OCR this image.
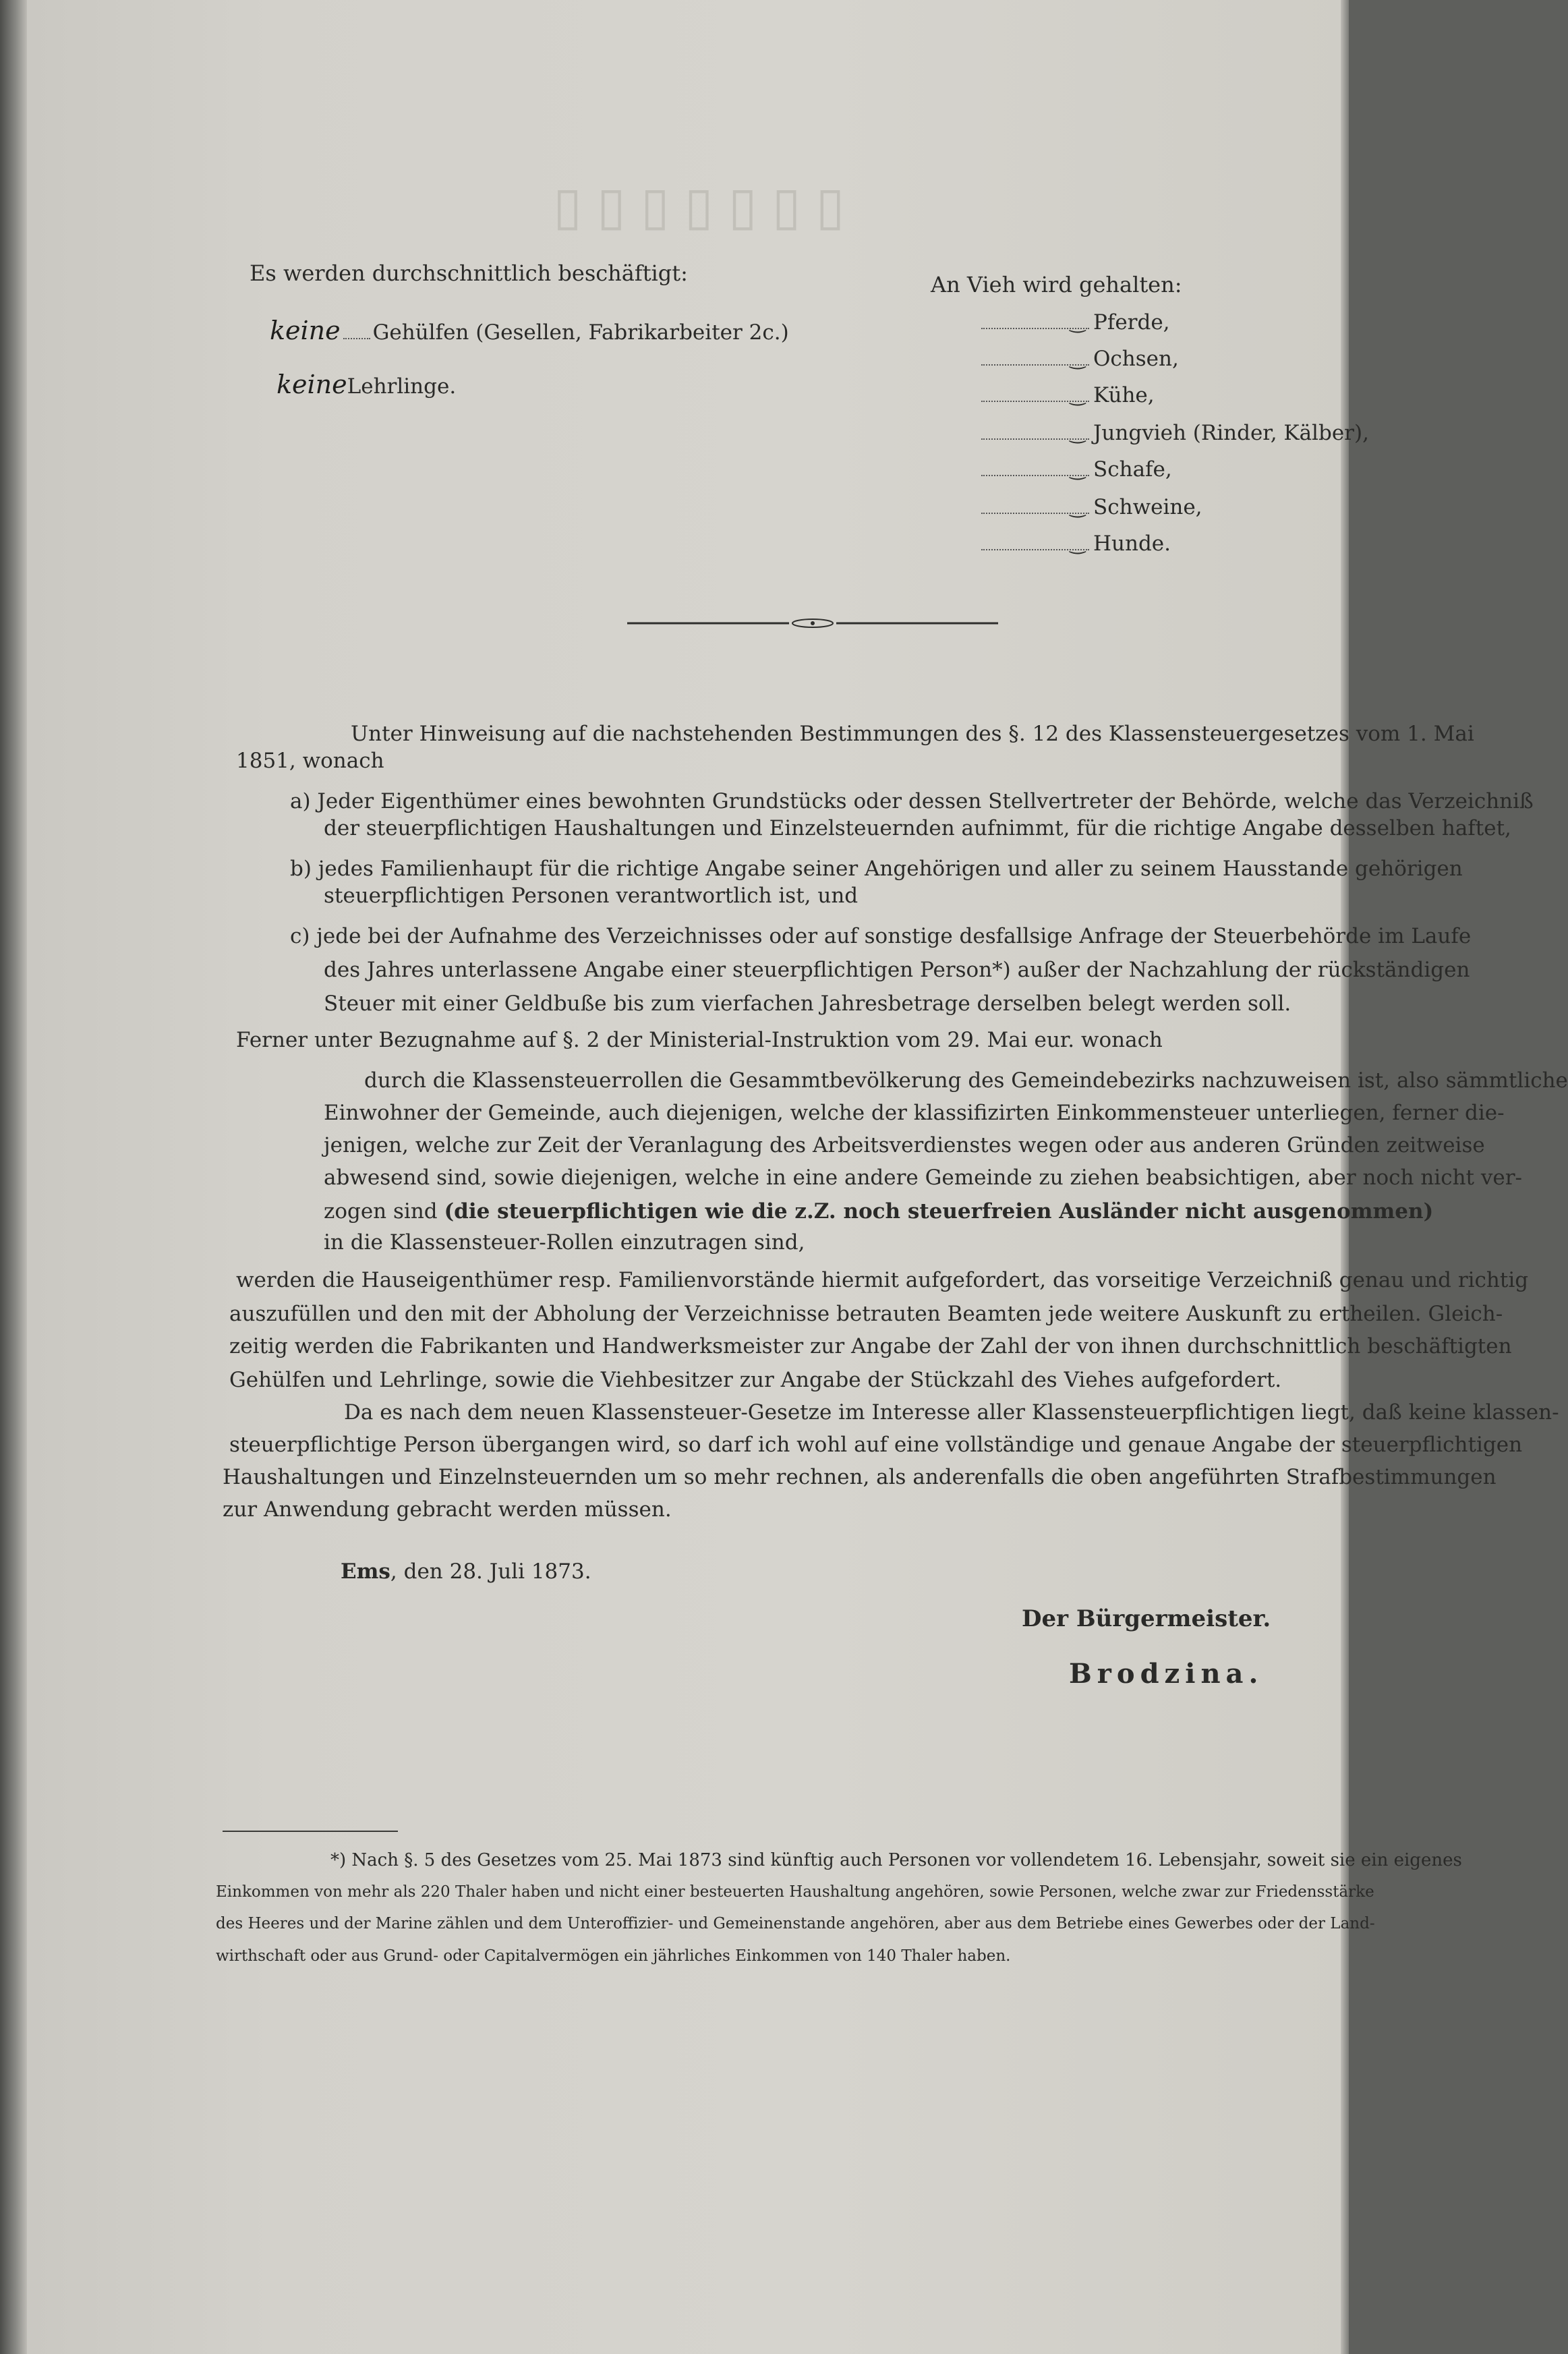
▯▯▯▯▯▯▯
Es werden durchschnittlich beschäftigt:
keine Gehülfen (Gesellen, Fabrikarbeiter 2c.)
keineLehrlinge.
An Vieh wird gehalten:
‿Pferde,
‿Ochsen,
‿Kühe,
‿Jungvieh (Rinder, Kälber),
‿Schafe,
‿Schweine,
‿Hunde.
Unter Hinweisung auf die nachstehenden Bestimmungen des §. 12 des Klassensteuergesetzes vom 1. Mai
1851, wonach
a) Jeder Eigenthümer eines bewohnten Grundstücks oder dessen Stellvertreter der Behörde, welche das Verzeichniß
der steuerpflichtigen Haushaltungen und Einzelsteuernden aufnimmt, für die richtige Angabe desselben haftet,
b) jedes Familienhaupt für die richtige Angabe seiner Angehörigen und aller zu seinem Hausstande gehörigen
steuerpflichtigen Personen verantwortlich ist, und
c) jede bei der Aufnahme des Verzeichnisses oder auf sonstige desfallsige Anfrage der Steuerbehörde im Laufe
des Jahres unterlassene Angabe einer steuerpflichtigen Person*) außer der Nachzahlung der rückständigen
Steuer mit einer Geldbuße bis zum vierfachen Jahresbetrage derselben belegt werden soll.
Ferner unter Bezugnahme auf §. 2 der Ministerial-Instruktion vom 29. Mai eur. wonach
durch die Klassensteuerrollen die Gesammtbevölkerung des Gemeindebezirks nachzuweisen ist, also sämmtliche
Einwohner der Gemeinde, auch diejenigen, welche der klassifizirten Einkommensteuer unterliegen, ferner die-
jenigen, welche zur Zeit der Veranlagung des Arbeitsverdienstes wegen oder aus anderen Gründen zeitweise
abwesend sind, sowie diejenigen, welche in eine andere Gemeinde zu ziehen beabsichtigen, aber noch nicht ver-
zogen sind (die steuerpflichtigen wie die z.Z. noch steuerfreien Ausländer nicht ausgenommen)
in die Klassensteuer-Rollen einzutragen sind,
werden die Hauseigenthümer resp. Familienvorstände hiermit aufgefordert, das vorseitige Verzeichniß genau und richtig
auszufüllen und den mit der Abholung der Verzeichnisse betrauten Beamten jede weitere Auskunft zu ertheilen. Gleich-
zeitig werden die Fabrikanten und Handwerksmeister zur Angabe der Zahl der von ihnen durchschnittlich beschäftigten
Gehülfen und Lehrlinge, sowie die Viehbesitzer zur Angabe der Stückzahl des Viehes aufgefordert.
Da es nach dem neuen Klassensteuer-Gesetze im Interesse aller Klassensteuerpflichtigen liegt, daß keine klassen-
steuerpflichtige Person übergangen wird, so darf ich wohl auf eine vollständige und genaue Angabe der steuerpflichtigen
Haushaltungen und Einzelnsteuernden um so mehr rechnen, als anderenfalls die oben angeführten Strafbestimmungen
zur Anwendung gebracht werden müssen.
Ems, den 28. Juli 1873.
Der Bürgermeister.
Brodzina.
*) Nach §. 5 des Gesetzes vom 25. Mai 1873 sind künftig auch Personen vor vollendetem 16. Lebensjahr, soweit sie ein eigenes
Einkommen von mehr als 220 Thaler haben und nicht einer besteuerten Haushaltung angehören, sowie Personen, welche zwar zur Friedensstärke
des Heeres und der Marine zählen und dem Unteroffizier- und Gemeinenstande angehören, aber aus dem Betriebe eines Gewerbes oder der Land-
wirthschaft oder aus Grund- oder Capitalvermögen ein jährliches Einkommen von 140 Thaler haben.
